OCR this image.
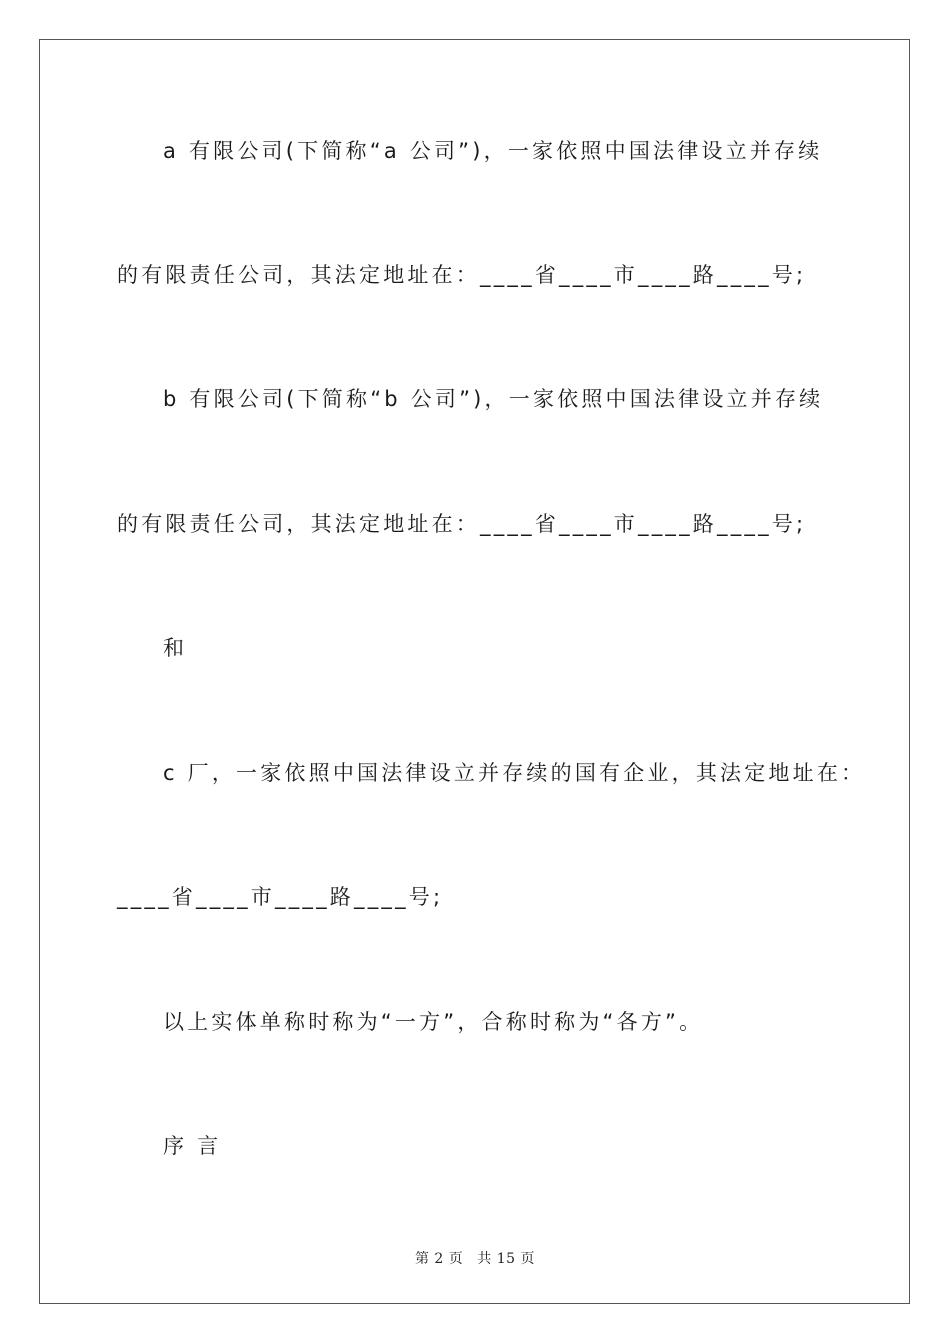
a 有限公司(下简称“a 公司”)，一家依照中国法律设立并存续
的有限责任公司，其法定地址在：____省____市____路____号;
b 有限公司(下简称“b 公司”)，一家依照中国法律设立并存续
的有限责任公司，其法定地址在：____省____市____路____号;
和
c 厂，一家依照中国法律设立并存续的国有企业，其法定地址在：
____省____市____路____号;
以上实体单称时称为“一方”，合称时称为“各方”。
序 言
第 2 页 共 15 页
